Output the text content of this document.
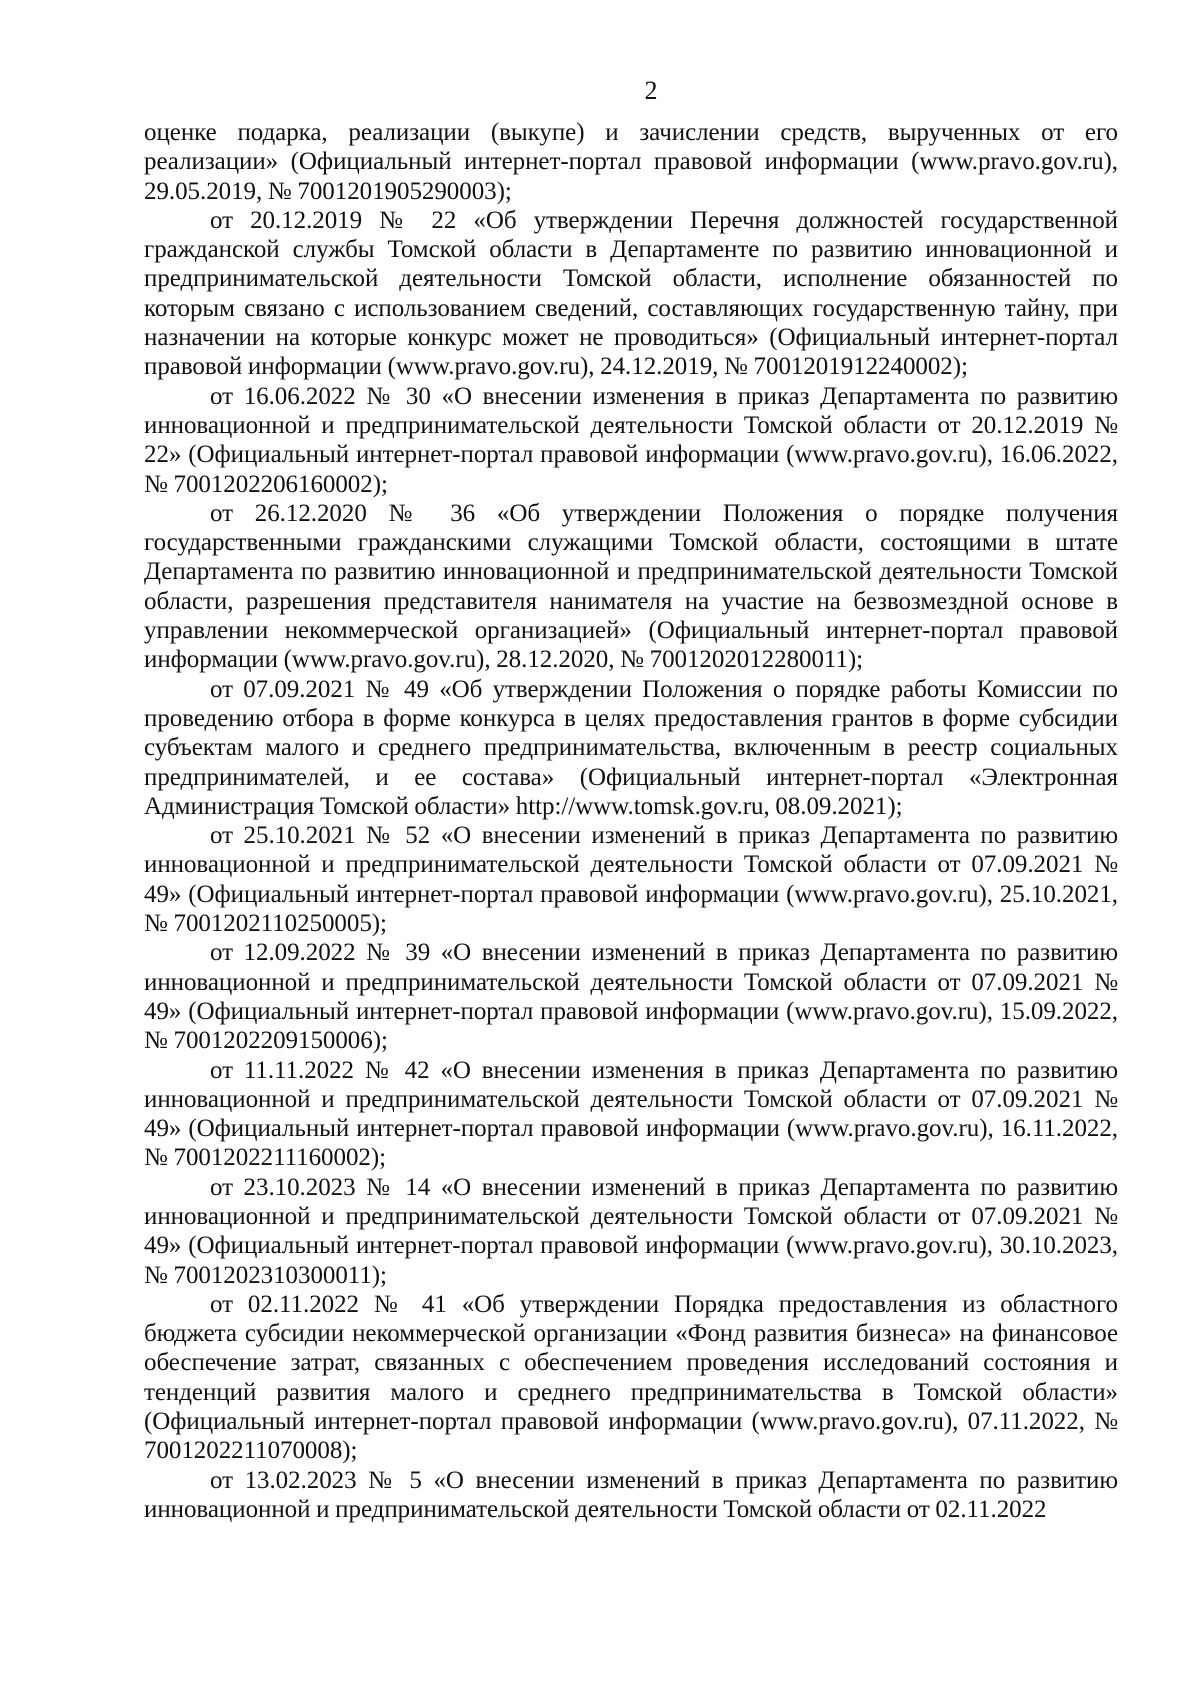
2

оценке подарка, реализации (выкупе) и зачислении средств, вырученных от его реализации» (Официальный интернет-портал правовой информации (www.pravo.gov.ru), 29.05.2019, № 7001201905290003);

от 20.12.2019 № 22 «Об утверждении Перечня должностей государственной гражданской службы Томской области в Департаменте по развитию инновационной и предпринимательской деятельности Томской области, исполнение обязанностей по которым связано с использованием сведений, составляющих государственную тайну, при назначении на которые конкурс может не проводиться» (Официальный интернет-портал правовой информации (www.pravo.gov.ru), 24.12.2019, № 7001201912240002);

от 16.06.2022 № 30 «О внесении изменения в приказ Департамента по развитию инновационной и предпринимательской деятельности Томской области от 20.12.2019 № 22» (Официальный интернет-портал правовой информации (www.pravo.gov.ru), 16.06.2022, № 7001202206160002);

от 26.12.2020 № 36 «Об утверждении Положения о порядке получения государственными гражданскими служащими Томской области, состоящими в штате Департамента по развитию инновационной и предпринимательской деятельности Томской области, разрешения представителя нанимателя на участие на безвозмездной основе в управлении некоммерческой организацией» (Официальный интернет-портал правовой информации (www.pravo.gov.ru), 28.12.2020, № 7001202012280011);

от 07.09.2021 № 49 «Об утверждении Положения о порядке работы Комиссии по проведению отбора в форме конкурса в целях предоставления грантов в форме субсидии субъектам малого и среднего предпринимательства, включенным в реестр социальных предпринимателей, и ее состава» (Официальный интернет-портал «Электронная Администрация Томской области» http://www.tomsk.gov.ru, 08.09.2021);

от 25.10.2021 № 52 «О внесении изменений в приказ Департамента по развитию инновационной и предпринимательской деятельности Томской области от 07.09.2021 № 49» (Официальный интернет-портал правовой информации (www.pravo.gov.ru), 25.10.2021, № 7001202110250005);

от 12.09.2022 № 39 «О внесении изменений в приказ Департамента по развитию инновационной и предпринимательской деятельности Томской области от 07.09.2021 № 49» (Официальный интернет-портал правовой информации (www.pravo.gov.ru), 15.09.2022, № 7001202209150006);

от 11.11.2022 № 42 «О внесении изменения в приказ Департамента по развитию инновационной и предпринимательской деятельности Томской области от 07.09.2021 № 49» (Официальный интернет-портал правовой информации (www.pravo.gov.ru), 16.11.2022, № 7001202211160002);

от 23.10.2023 № 14 «О внесении изменений в приказ Департамента по развитию инновационной и предпринимательской деятельности Томской области от 07.09.2021 № 49» (Официальный интернет-портал правовой информации (www.pravo.gov.ru), 30.10.2023, № 7001202310300011);

от 02.11.2022 № 41 «Об утверждении Порядка предоставления из областного бюджета субсидии некоммерческой организации «Фонд развития бизнеса» на финансовое обеспечение затрат, связанных с обеспечением проведения исследований состояния и тенденций развития малого и среднего предпринимательства в Томской области» (Официальный интернет-портал правовой информации (www.pravo.gov.ru), 07.11.2022, № 7001202211070008);

от 13.02.2023 № 5 «О внесении изменений в приказ Департамента по развитию инновационной и предпринимательской деятельности Томской области от 02.11.2022
